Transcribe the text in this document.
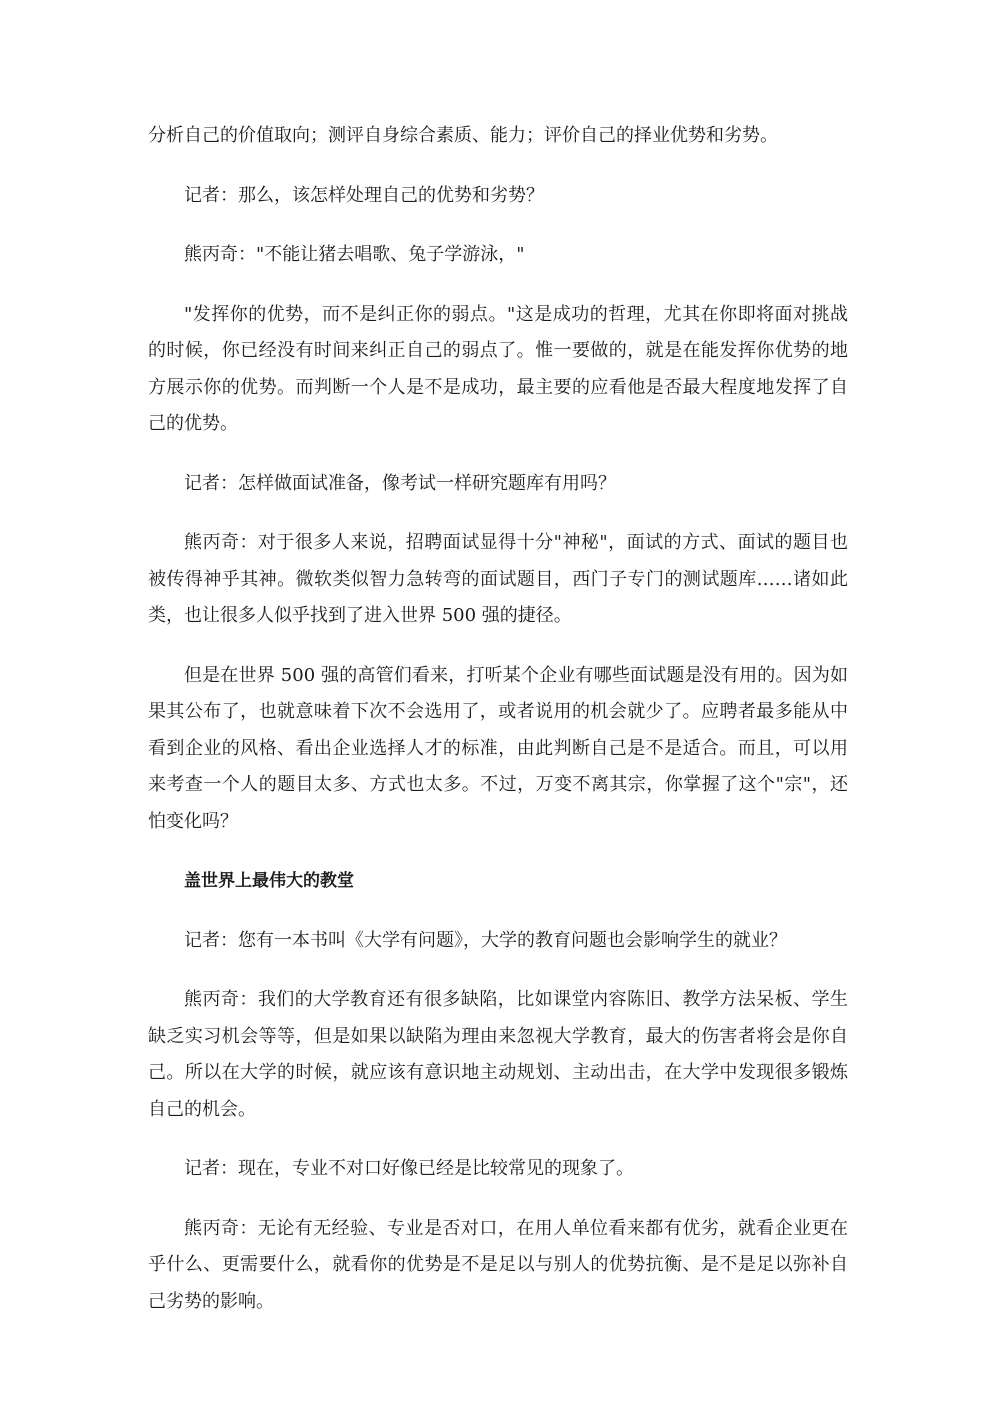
分析自己的价值取向；测评自身综合素质、能力；评价自己的择业优势和劣势。

记者：那么，该怎样处理自己的优势和劣势？

熊丙奇："不能让猪去唱歌、兔子学游泳，"

"发挥你的优势，而不是纠正你的弱点。"这是成功的哲理，尤其在你即将面对挑战的时候，你已经没有时间来纠正自己的弱点了。惟一要做的，就是在能发挥你优势的地方展示你的优势。而判断一个人是不是成功，最主要的应看他是否最大程度地发挥了自己的优势。

记者：怎样做面试准备，像考试一样研究题库有用吗？

熊丙奇：对于很多人来说，招聘面试显得十分"神秘"，面试的方式、面试的题目也被传得神乎其神。微软类似智力急转弯的面试题目，西门子专门的测试题库……诸如此类，也让很多人似乎找到了进入世界 500 强的捷径。

但是在世界 500 强的高管们看来，打听某个企业有哪些面试题是没有用的。因为如果其公布了，也就意味着下次不会选用了，或者说用的机会就少了。应聘者最多能从中看到企业的风格、看出企业选择人才的标准，由此判断自己是不是适合。而且，可以用来考查一个人的题目太多、方式也太多。不过，万变不离其宗，你掌握了这个"宗"，还怕变化吗？

盖世界上最伟大的教堂

记者：您有一本书叫《大学有问题》，大学的教育问题也会影响学生的就业？

熊丙奇：我们的大学教育还有很多缺陷，比如课堂内容陈旧、教学方法呆板、学生缺乏实习机会等等，但是如果以缺陷为理由来忽视大学教育，最大的伤害者将会是你自己。所以在大学的时候，就应该有意识地主动规划、主动出击，在大学中发现很多锻炼自己的机会。

记者：现在，专业不对口好像已经是比较常见的现象了。

熊丙奇：无论有无经验、专业是否对口，在用人单位看来都有优劣，就看企业更在乎什么、更需要什么，就看你的优势是不是足以与别人的优势抗衡、是不是足以弥补自己劣势的影响。
